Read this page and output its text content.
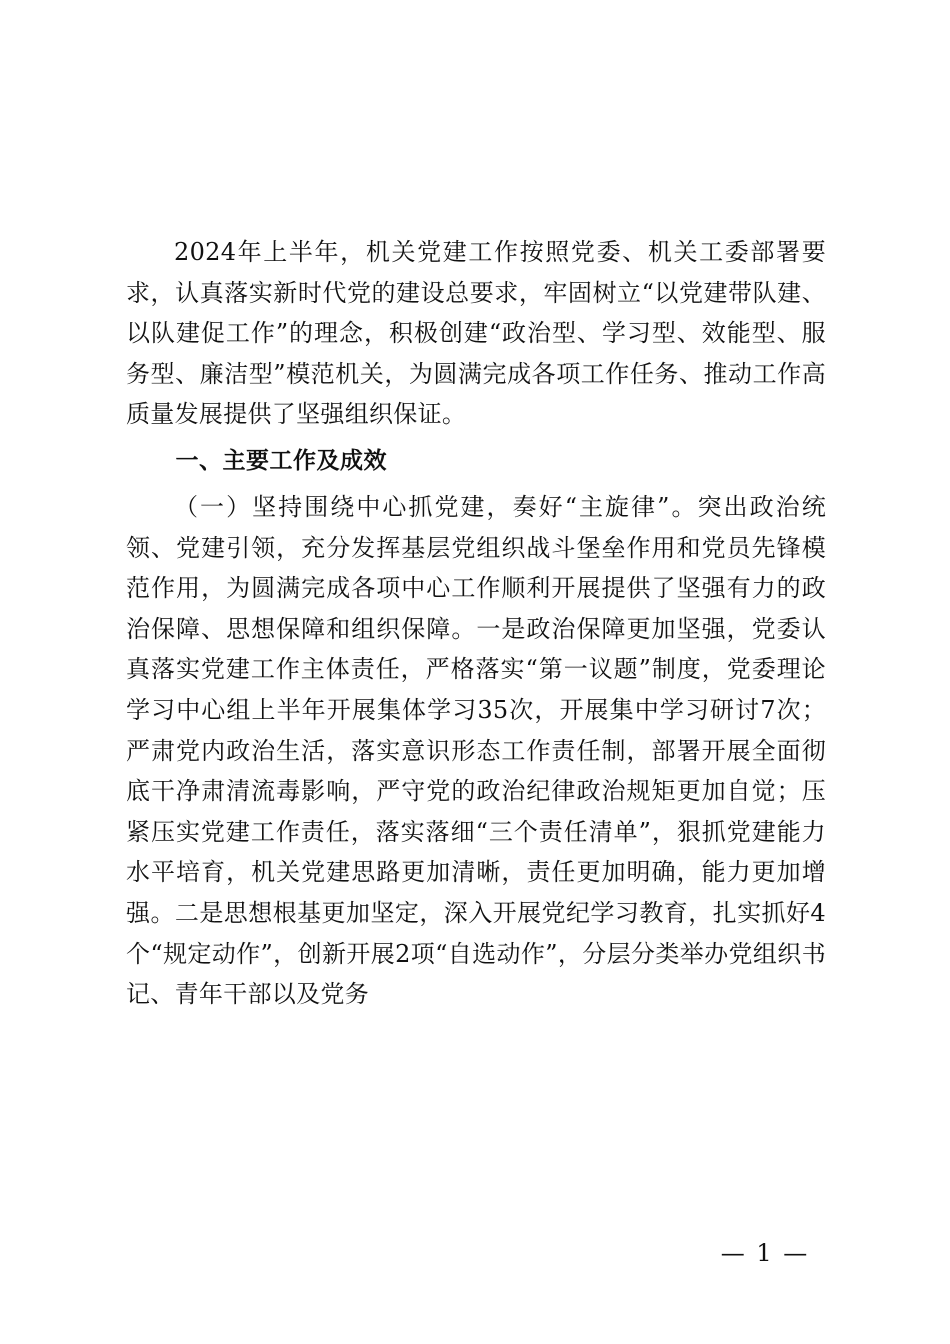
2024年上半年，机关党建工作按照党委、机关工委部署要求，认真落实新时代党的建设总要求，牢固树立“以党建带队建、以队建促工作”的理念，积极创建“政治型、学习型、效能型、服务型、廉洁型”模范机关，为圆满完成各项工作任务、推动工作高质量发展提供了坚强组织保证。

一、主要工作及成效

（一）坚持围绕中心抓党建，奏好“主旋律”。突出政治统领、党建引领，充分发挥基层党组织战斗堡垒作用和党员先锋模范作用，为圆满完成各项中心工作顺利开展提供了坚强有力的政治保障、思想保障和组织保障。一是政治保障更加坚强，党委认真落实党建工作主体责任，严格落实“第一议题”制度，党委理论学习中心组上半年开展集体学习35次，开展集中学习研讨7次；严肃党内政治生活，落实意识形态工作责任制，部署开展全面彻底干净肃清流毒影响，严守党的政治纪律政治规矩更加自觉；压紧压实党建工作责任，落实落细“三个责任清单”，狠抓党建能力水平培育，机关党建思路更加清晰，责任更加明确，能力更加增强。二是思想根基更加坚定，深入开展党纪学习教育，扎实抓好4个“规定动作”，创新开展2项“自选动作”，分层分类举办党组织书记、青年干部以及党务

— 1 —
